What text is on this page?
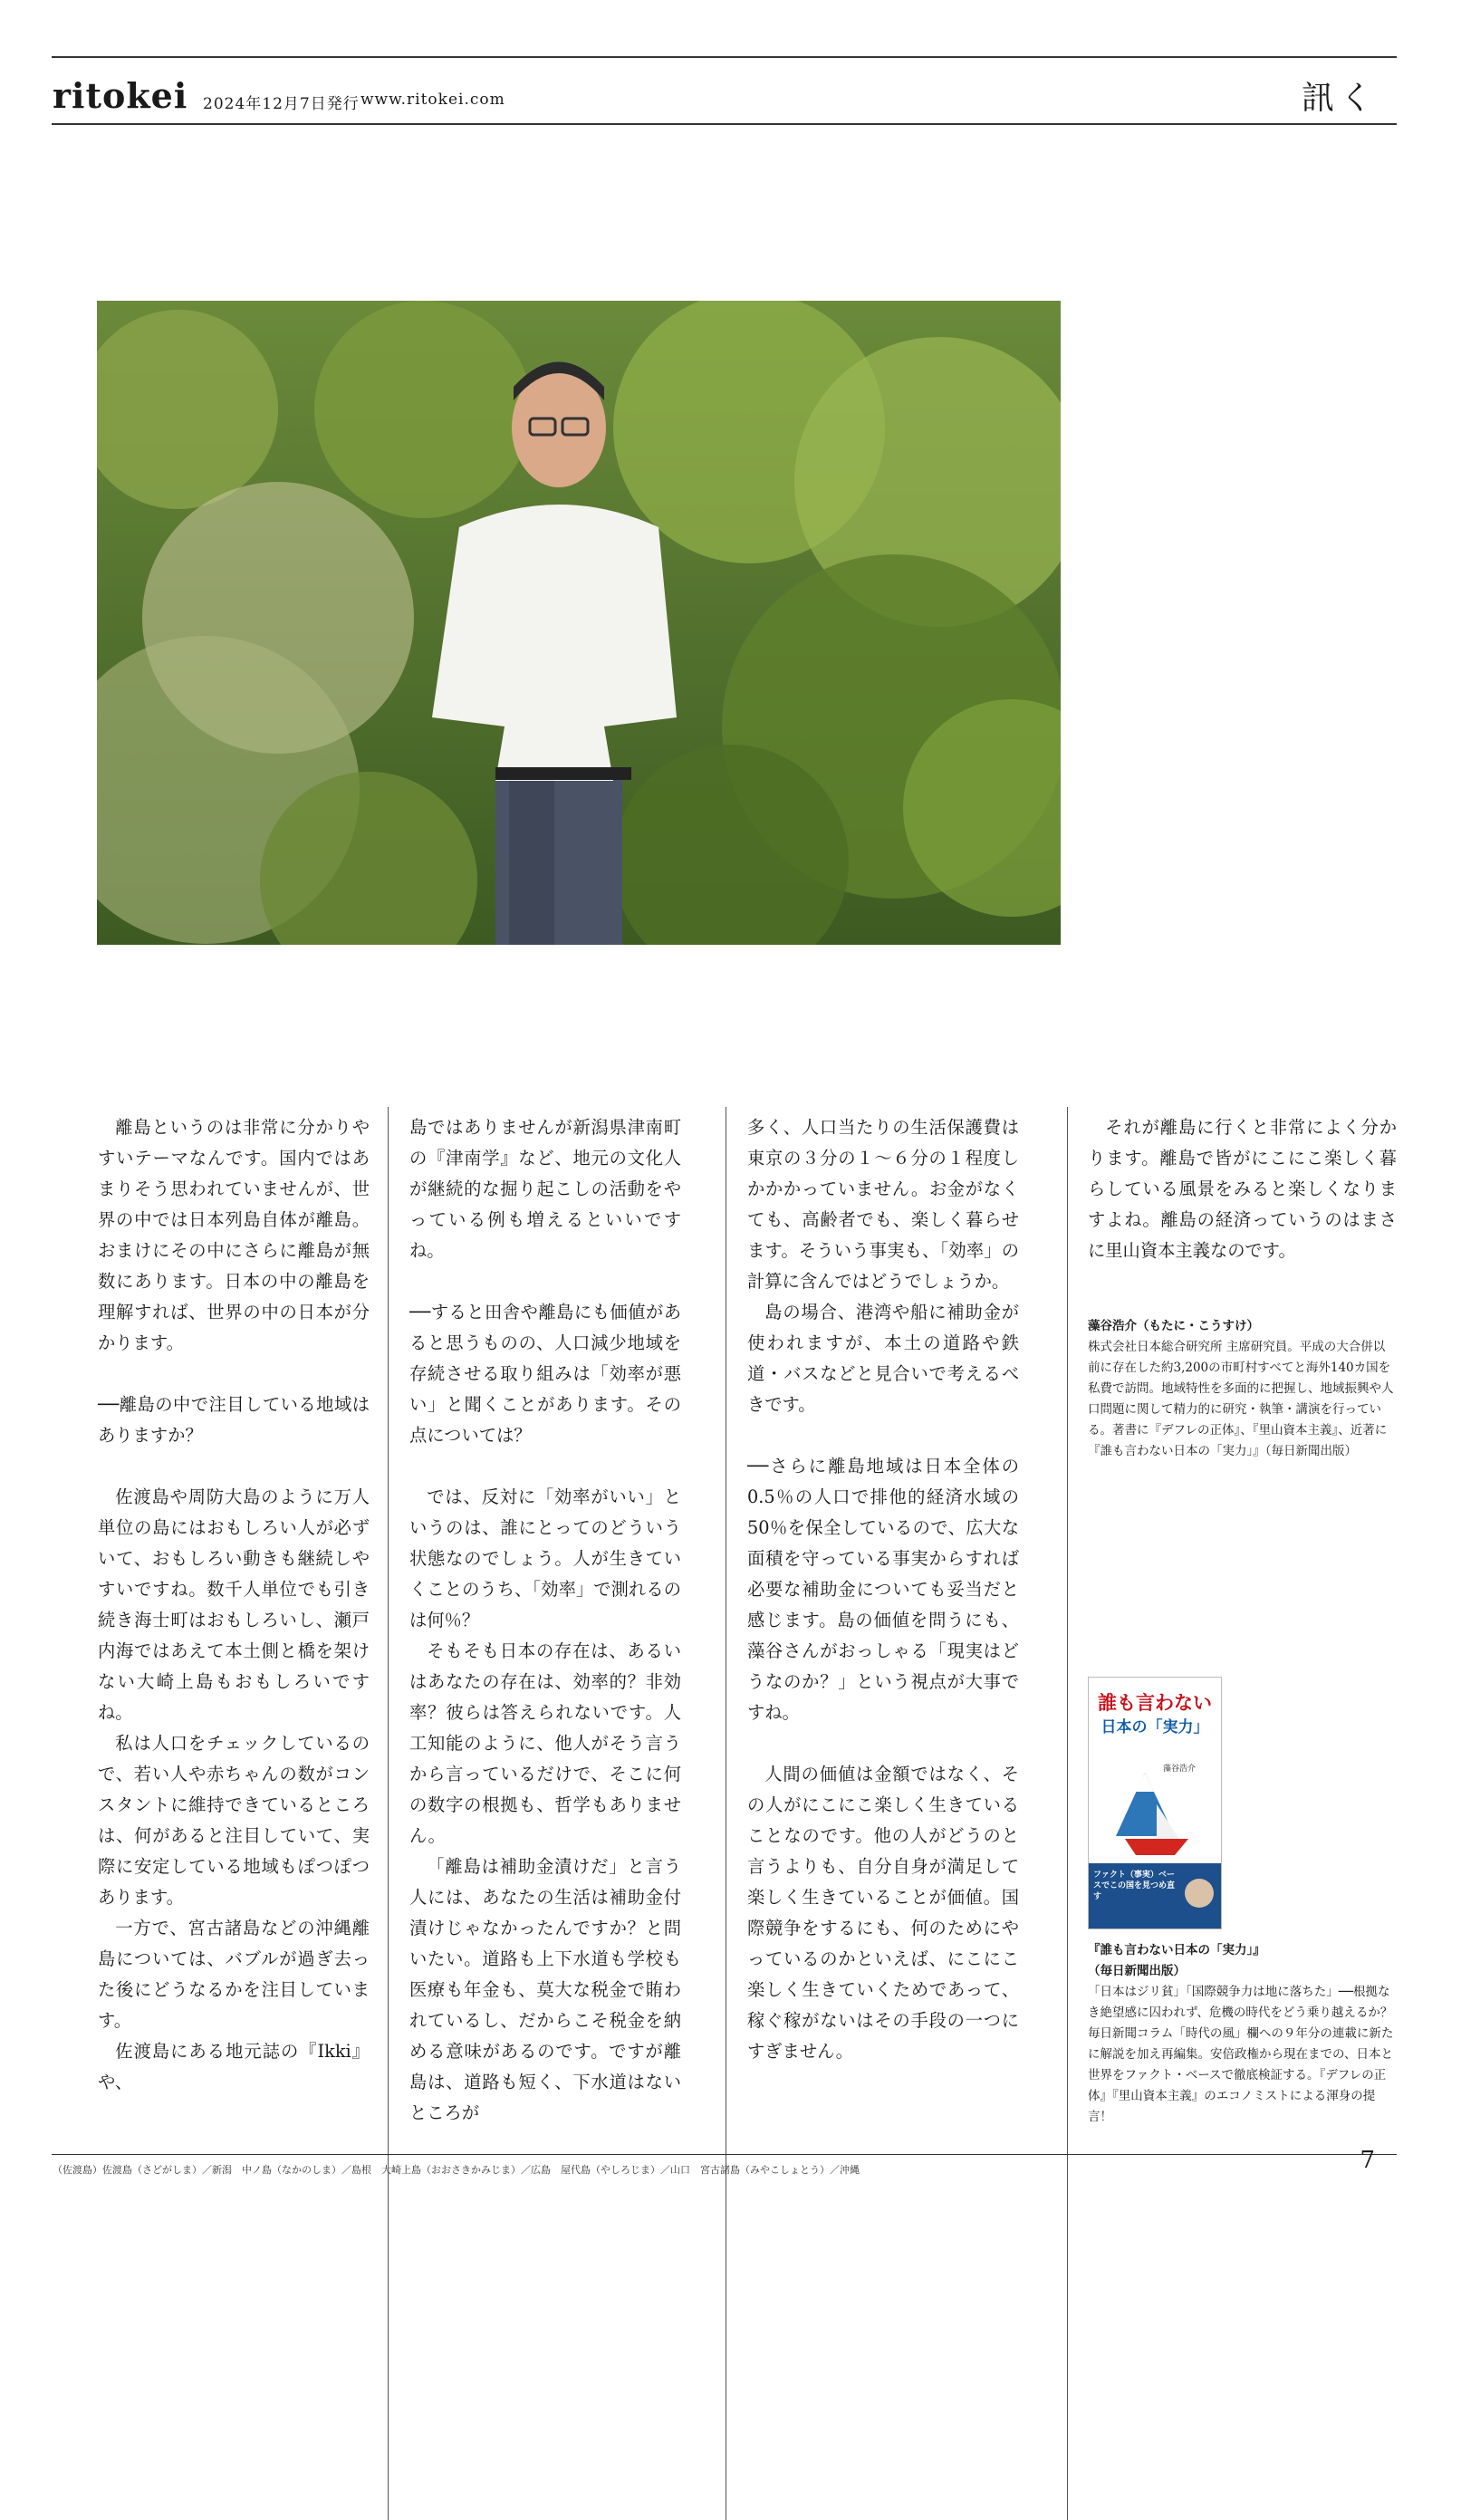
ritokei 2024年12月7日発行 www.ritokei.com	訊く

離島というのは非常に分かりやすいテーマなんです。国内ではあまりそう思われていませんが、世界の中では日本列島自体が離島。おまけにその中にさらに離島が無数にあります。日本の中の離島を理解すれば、世界の中の日本が分かります。

──離島の中で注目している地域はありますか？

佐渡島や周防大島のように万人単位の島にはおもしろい人が必ずいて、おもしろい動きも継続しやすいですね。数千人単位でも引き続き海士町はおもしろいし、瀬戸内海ではあえて本土側と橋を架けない大崎上島もおもしろいですね。

私は人口をチェックしているので、若い人や赤ちゃんの数がコンスタントに維持できているところは、何があると注目していて、実際に安定している地域もぽつぽつあります。

一方で、宮古諸島などの沖縄離島については、バブルが過ぎ去った後にどうなるかを注目しています。

佐渡島にある地元誌の『Ikki』や、

島ではありませんが新潟県津南町の『津南学』など、地元の文化人が継続的な掘り起こしの活動をやっている例も増えるといいですね。

──すると田舎や離島にも価値があると思うものの、人口減少地域を存続させる取り組みは「効率が悪い」と聞くことがあります。その点については？

では、反対に「効率がいい」というのは、誰にとってのどういう状態なのでしょう。人が生きていくことのうち、「効率」で測れるのは何％？

そもそも日本の存在は、あるいはあなたの存在は、効率的？非効率？彼らは答えられないです。人工知能のように、他人がそう言うから言っているだけで、そこに何の数字の根拠も、哲学もありません。

「離島は補助金漬けだ」と言う人には、あなたの生活は補助金付漬けじゃなかったんですか？と問いたい。道路も上下水道も学校も医療も年金も、莫大な税金で賄われているし、だからこそ税金を納める意味があるのです。ですが離島は、道路も短く、下水道はないところが

多く、人口当たりの生活保護費は東京の３分の１〜６分の１程度しかかかっていません。お金がなくても、高齢者でも、楽しく暮らせます。そういう事実も、「効率」の計算に含んではどうでしょうか。

島の場合、港湾や船に補助金が使われますが、本土の道路や鉄道・バスなどと見合いで考えるべきです。

──さらに離島地域は日本全体の0.5％の人口で排他的経済水域の50％を保全しているので、広大な面積を守っている事実からすれば必要な補助金についても妥当だと感じます。島の価値を問うにも、藻谷さんがおっしゃる「現実はどうなのか？」という視点が大事ですね。

人間の価値は金額ではなく、その人がにこにこ楽しく生きていることなのです。他の人がどうのと言うよりも、自分自身が満足して楽しく生きていることが価値。国際競争をするにも、何のためにやっているのかといえば、にこにこ楽しく生きていくためであって、稼ぐ稼がないはその手段の一つにすぎません。

それが離島に行くと非常によく分かります。離島で皆がにこにこ楽しく暮らしている風景をみると楽しくなりますよね。離島の経済っていうのはまさに里山資本主義なのです。

藻谷浩介（もたに・こうすけ）
株式会社日本総合研究所 主席研究員。平成の大合併以前に存在した約3,200の市町村すべてと海外140カ国を私費で訪問。地域特性を多面的に把握し、地域振興や人口問題に関して精力的に研究・執筆・講演を行っている。著書に『デフレの正体』、『里山資本主義』、近著に『誰も言わない日本の「実力」』（毎日新聞出版）
誰も言わない
日本の「実力」
藻谷浩介
ファクト（事実）ベースでこの国を見つめ直す
『誰も言わない日本の「実力」』
（毎日新聞出版）
「日本はジリ貧」「国際競争力は地に落ちた」──根拠なき絶望感に囚われず、危機の時代をどう乗り越えるか？毎日新聞コラム「時代の風」欄への９年分の連載に新たに解説を加え再編集。安倍政権から現在までの、日本と世界をファクト・ベースで徹底検証する。『デフレの正体』『里山資本主義』のエコノミストによる渾身の提言！
（佐渡島）佐渡島（さどがしま）／新潟　中ノ島（なかのしま）／島根　大崎上島（おおさきかみじま）／広島　屋代島（やしろじま）／山口　宮古諸島（みやこしょとう）／沖縄	7
